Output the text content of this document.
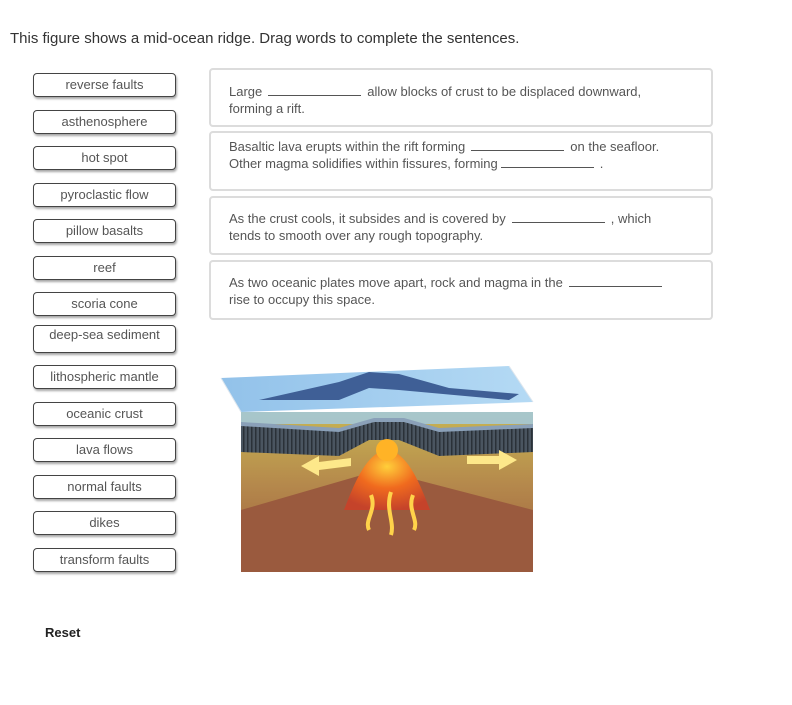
This figure shows a mid-ocean ridge. Drag words to complete the sentences.
reverse faults
asthenosphere
hot spot
pyroclastic flow
pillow basalts
reef
scoria cone
deep-sea sediment
lithospheric mantle
oceanic crust
lava flows
normal faults
dikes
transform faults
Large	allow blocks of crust to be displaced downward, forming a rift.
Basaltic lava erupts within the rift forming	on the seafloor. Other magma solidifies within fissures, forming	.
As the crust cools, it subsides and is covered by	, which tends to smooth over any rough topography.
As two oceanic plates move apart, rock and magma in therise to occupy this space.
Reset
